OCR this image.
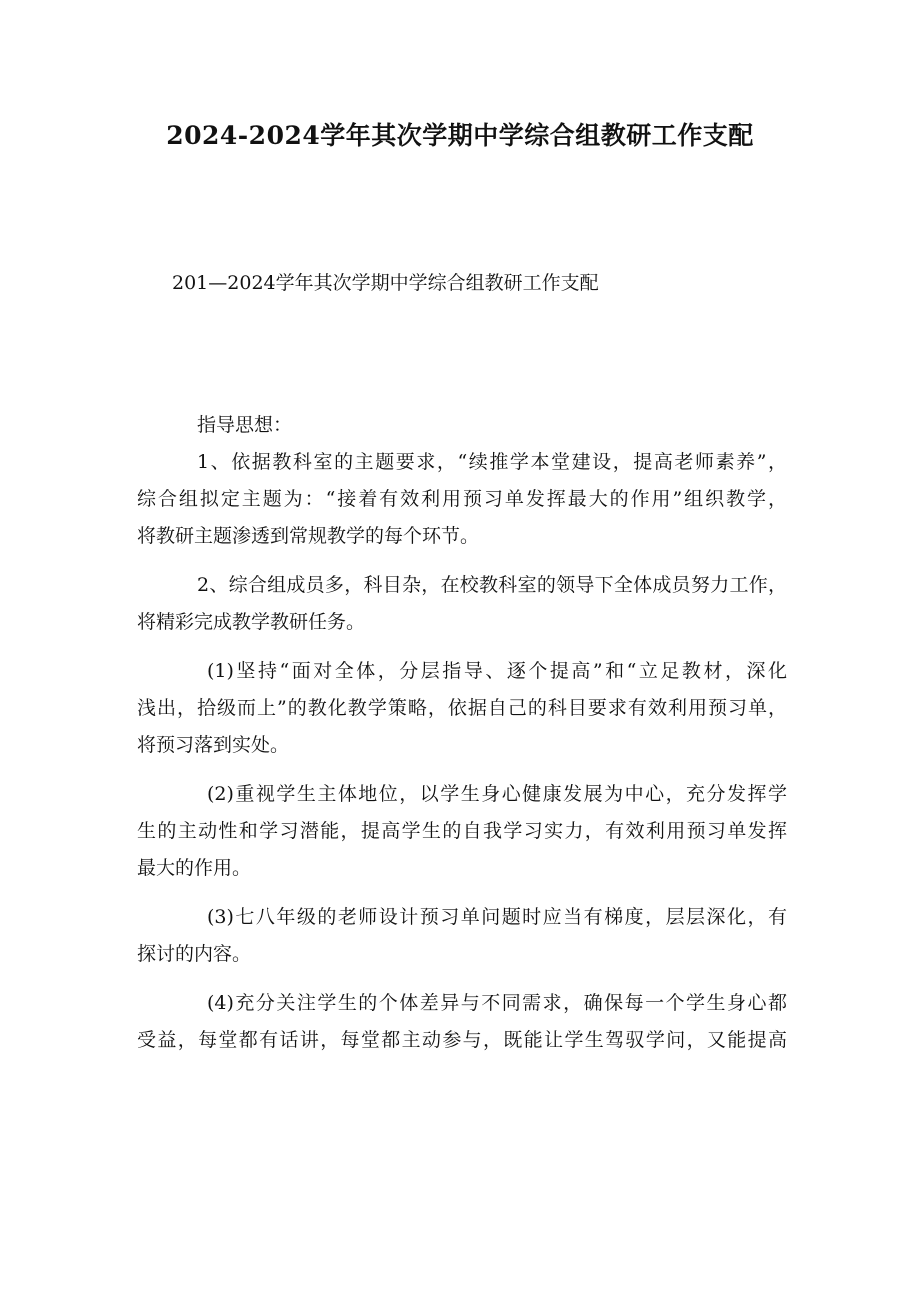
2024-2024学年其次学期中学综合组教研工作支配
201—2024学年其次学期中学综合组教研工作支配
指导思想：
1、依据教科室的主题要求，“续推学本堂建设，提高老师素养”，
综合组拟定主题为：“接着有效利用预习单发挥最大的作用”组织教学，
将教研主题渗透到常规教学的每个环节。
2、综合组成员多，科目杂，在校教科室的领导下全体成员努力工作，
将精彩完成教学教研任务。
(1)坚持“面对全体，分层指导、逐个提高”和“立足教材，深化
浅出，拾级而上”的教化教学策略，依据自己的科目要求有效利用预习单，
将预习落到实处。
(2)重视学生主体地位，以学生身心健康发展为中心，充分发挥学
生的主动性和学习潜能，提高学生的自我学习实力，有效利用预习单发挥
最大的作用。
(3)七八年级的老师设计预习单问题时应当有梯度，层层深化，有
探讨的内容。
(4)充分关注学生的个体差异与不同需求，确保每一个学生身心都
受益，每堂都有话讲，每堂都主动参与，既能让学生驾驭学问，又能提高
